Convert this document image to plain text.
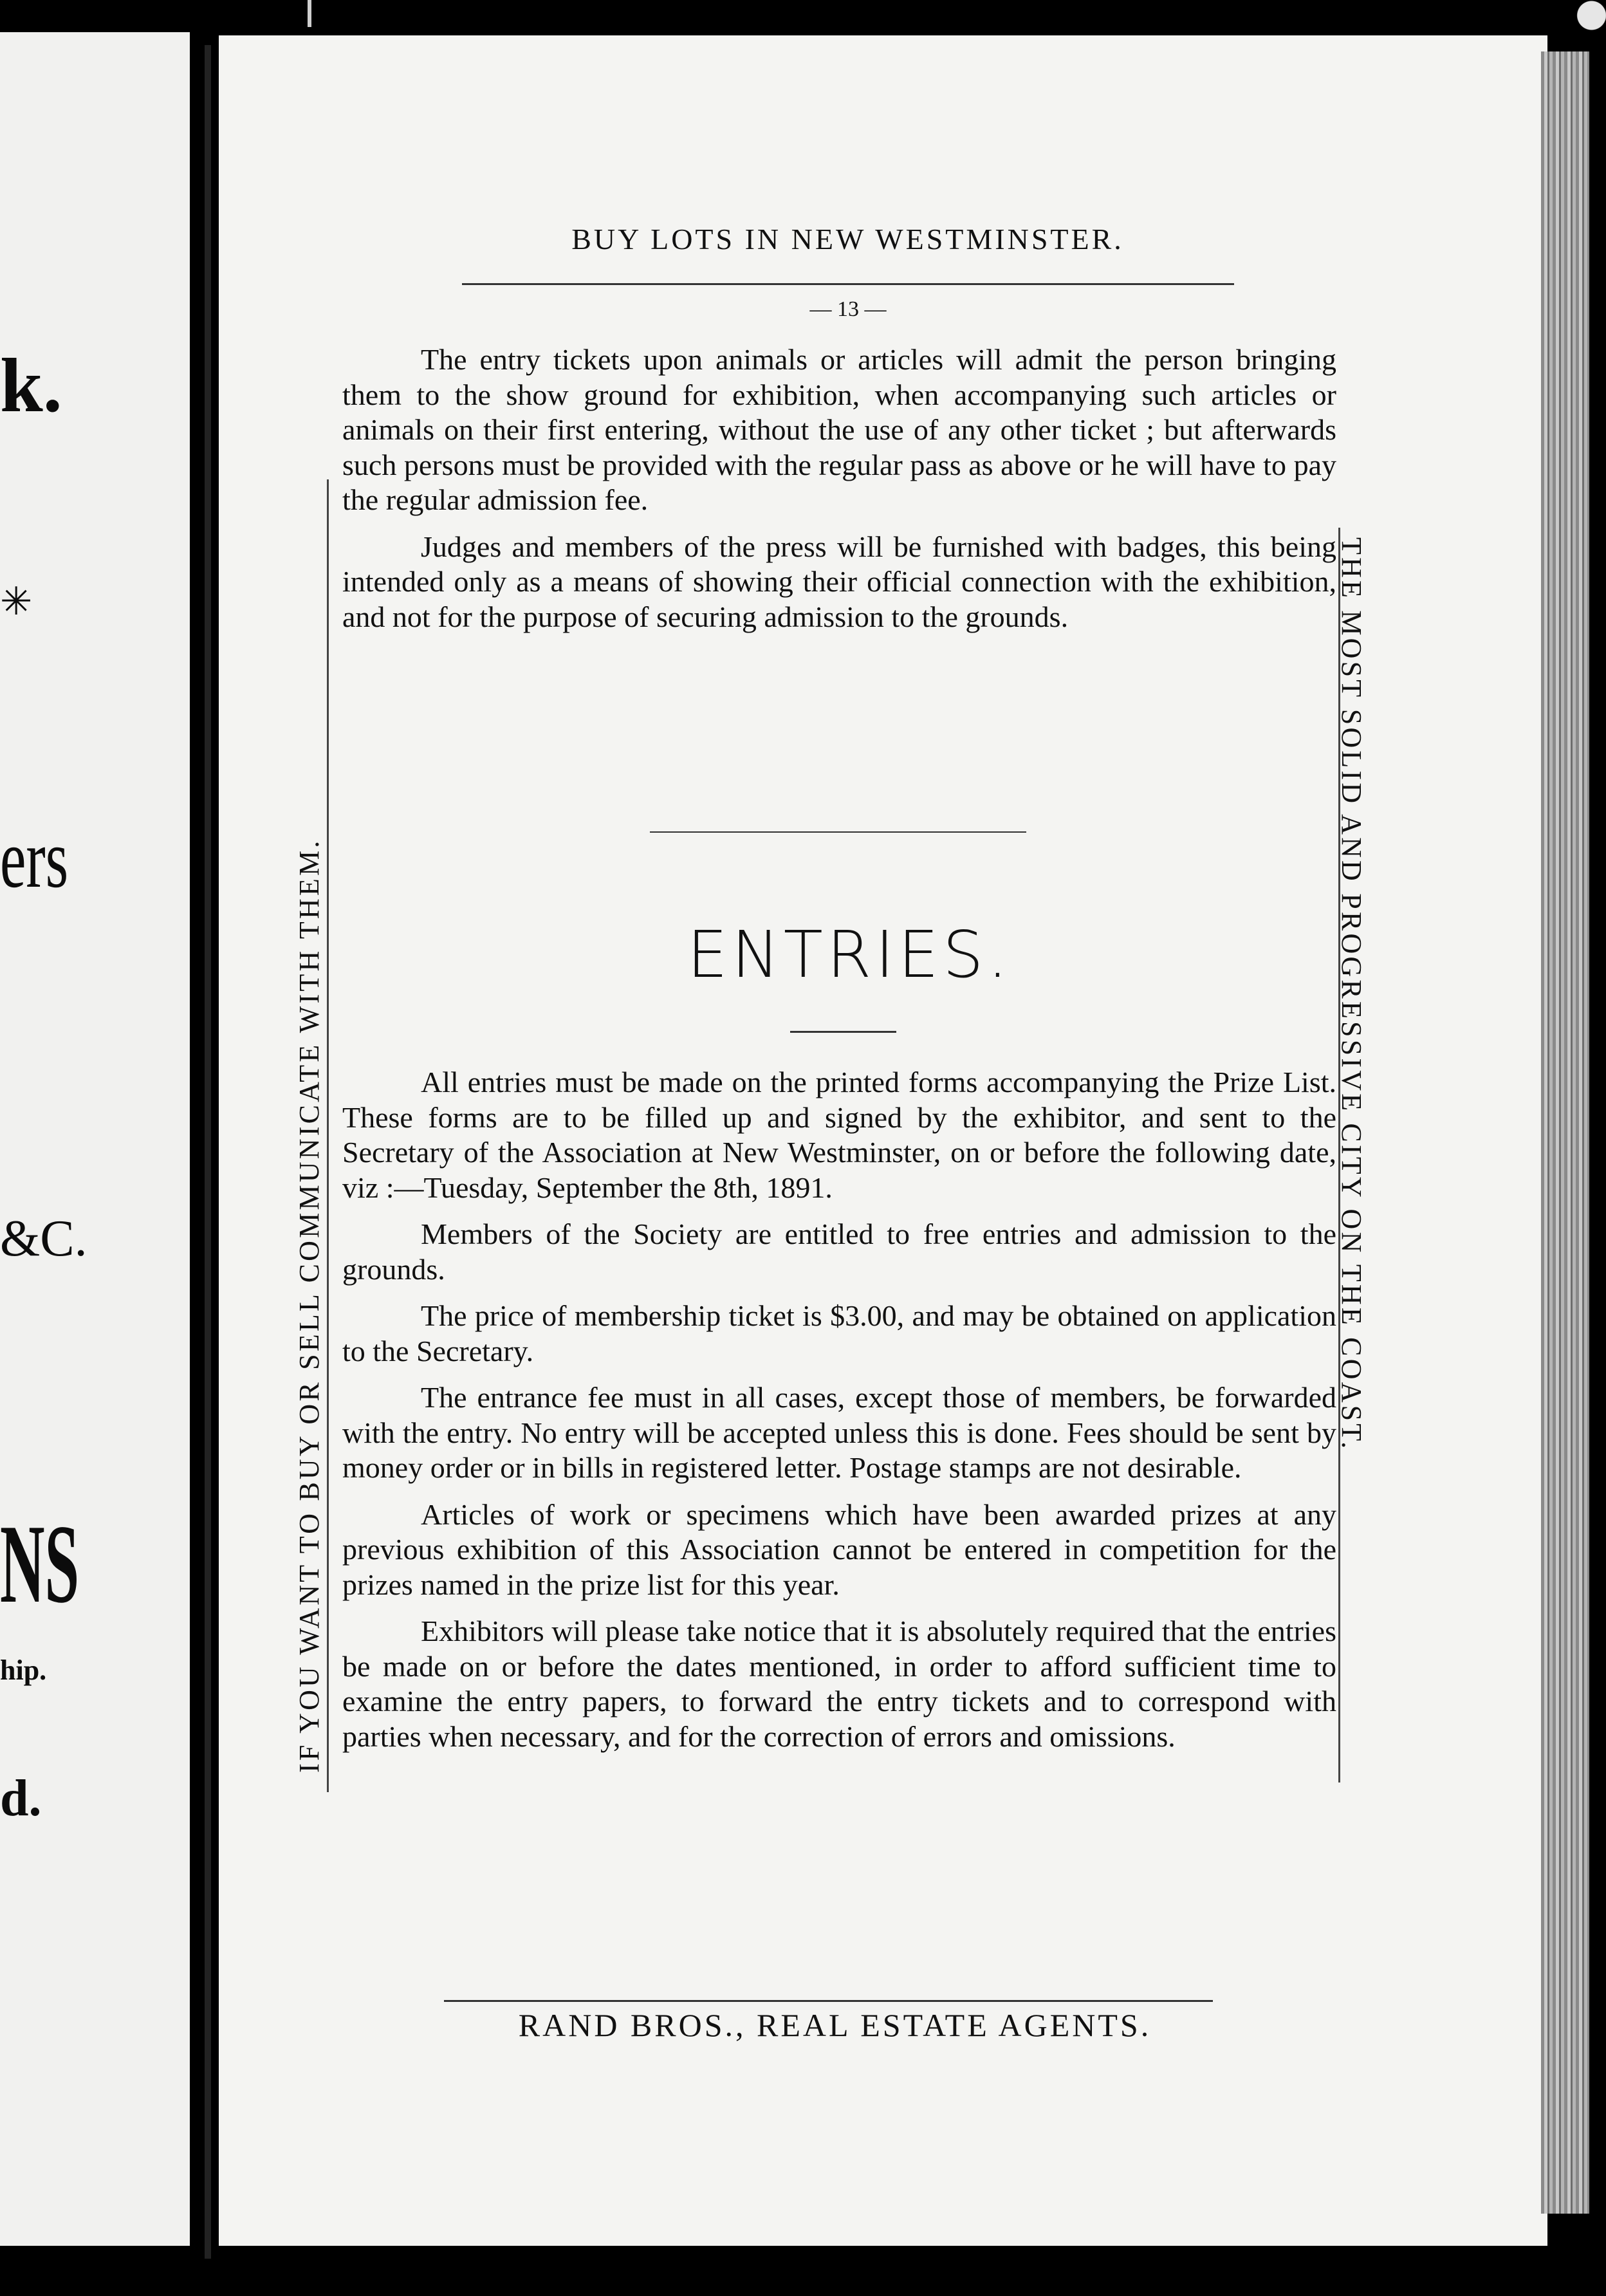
k.

✳

ers

&C.

NS

hip.

d.

BUY LOTS IN NEW WESTMINSTER.
— 13 —

The entry tickets upon animals or articles will admit the person bringing them to the show ground for exhibition, when accompanying such articles or animals on their first entering, without the use of any other ticket ; but afterwards such persons must be provided with the regular pass as above or he will have to pay the regular admission fee.

Judges and members of the press will be furnished with badges, this being intended only as a means of showing their official connection with the exhibition, and not for the purpose of securing admission to the grounds.

ENTRIES.

All entries must be made on the printed forms accompanying the Prize List. These forms are to be filled up and signed by the exhibitor, and sent to the Secretary of the Association at New Westminster, on or before the following date, viz :—Tuesday, September the 8th, 1891.

Members of the Society are entitled to free entries and admission to the grounds.

The price of membership ticket is $3.00, and may be obtained on application to the Secretary.

The entrance fee must in all cases, except those of members, be forwarded with the entry. No entry will be accepted unless this is done. Fees should be sent by money order or in bills in registered letter. Postage stamps are not desirable.

Articles of work or specimens which have been awarded prizes at any previous exhibition of this Association cannot be entered in competition for the prizes named in the prize list for this year.

Exhibitors will please take notice that it is absolutely required that the entries be made on or before the dates mentioned, in order to afford sufficient time to examine the entry papers, to forward the entry tickets and to correspond with parties when necessary, and for the correction of errors and omissions.

RAND BROS., REAL ESTATE AGENTS.
IF YOU WANT TO BUY OR SELL COMMUNICATE WITH THEM.	THE MOST SOLID AND PROGRESSIVE CITY ON THE COAST.
